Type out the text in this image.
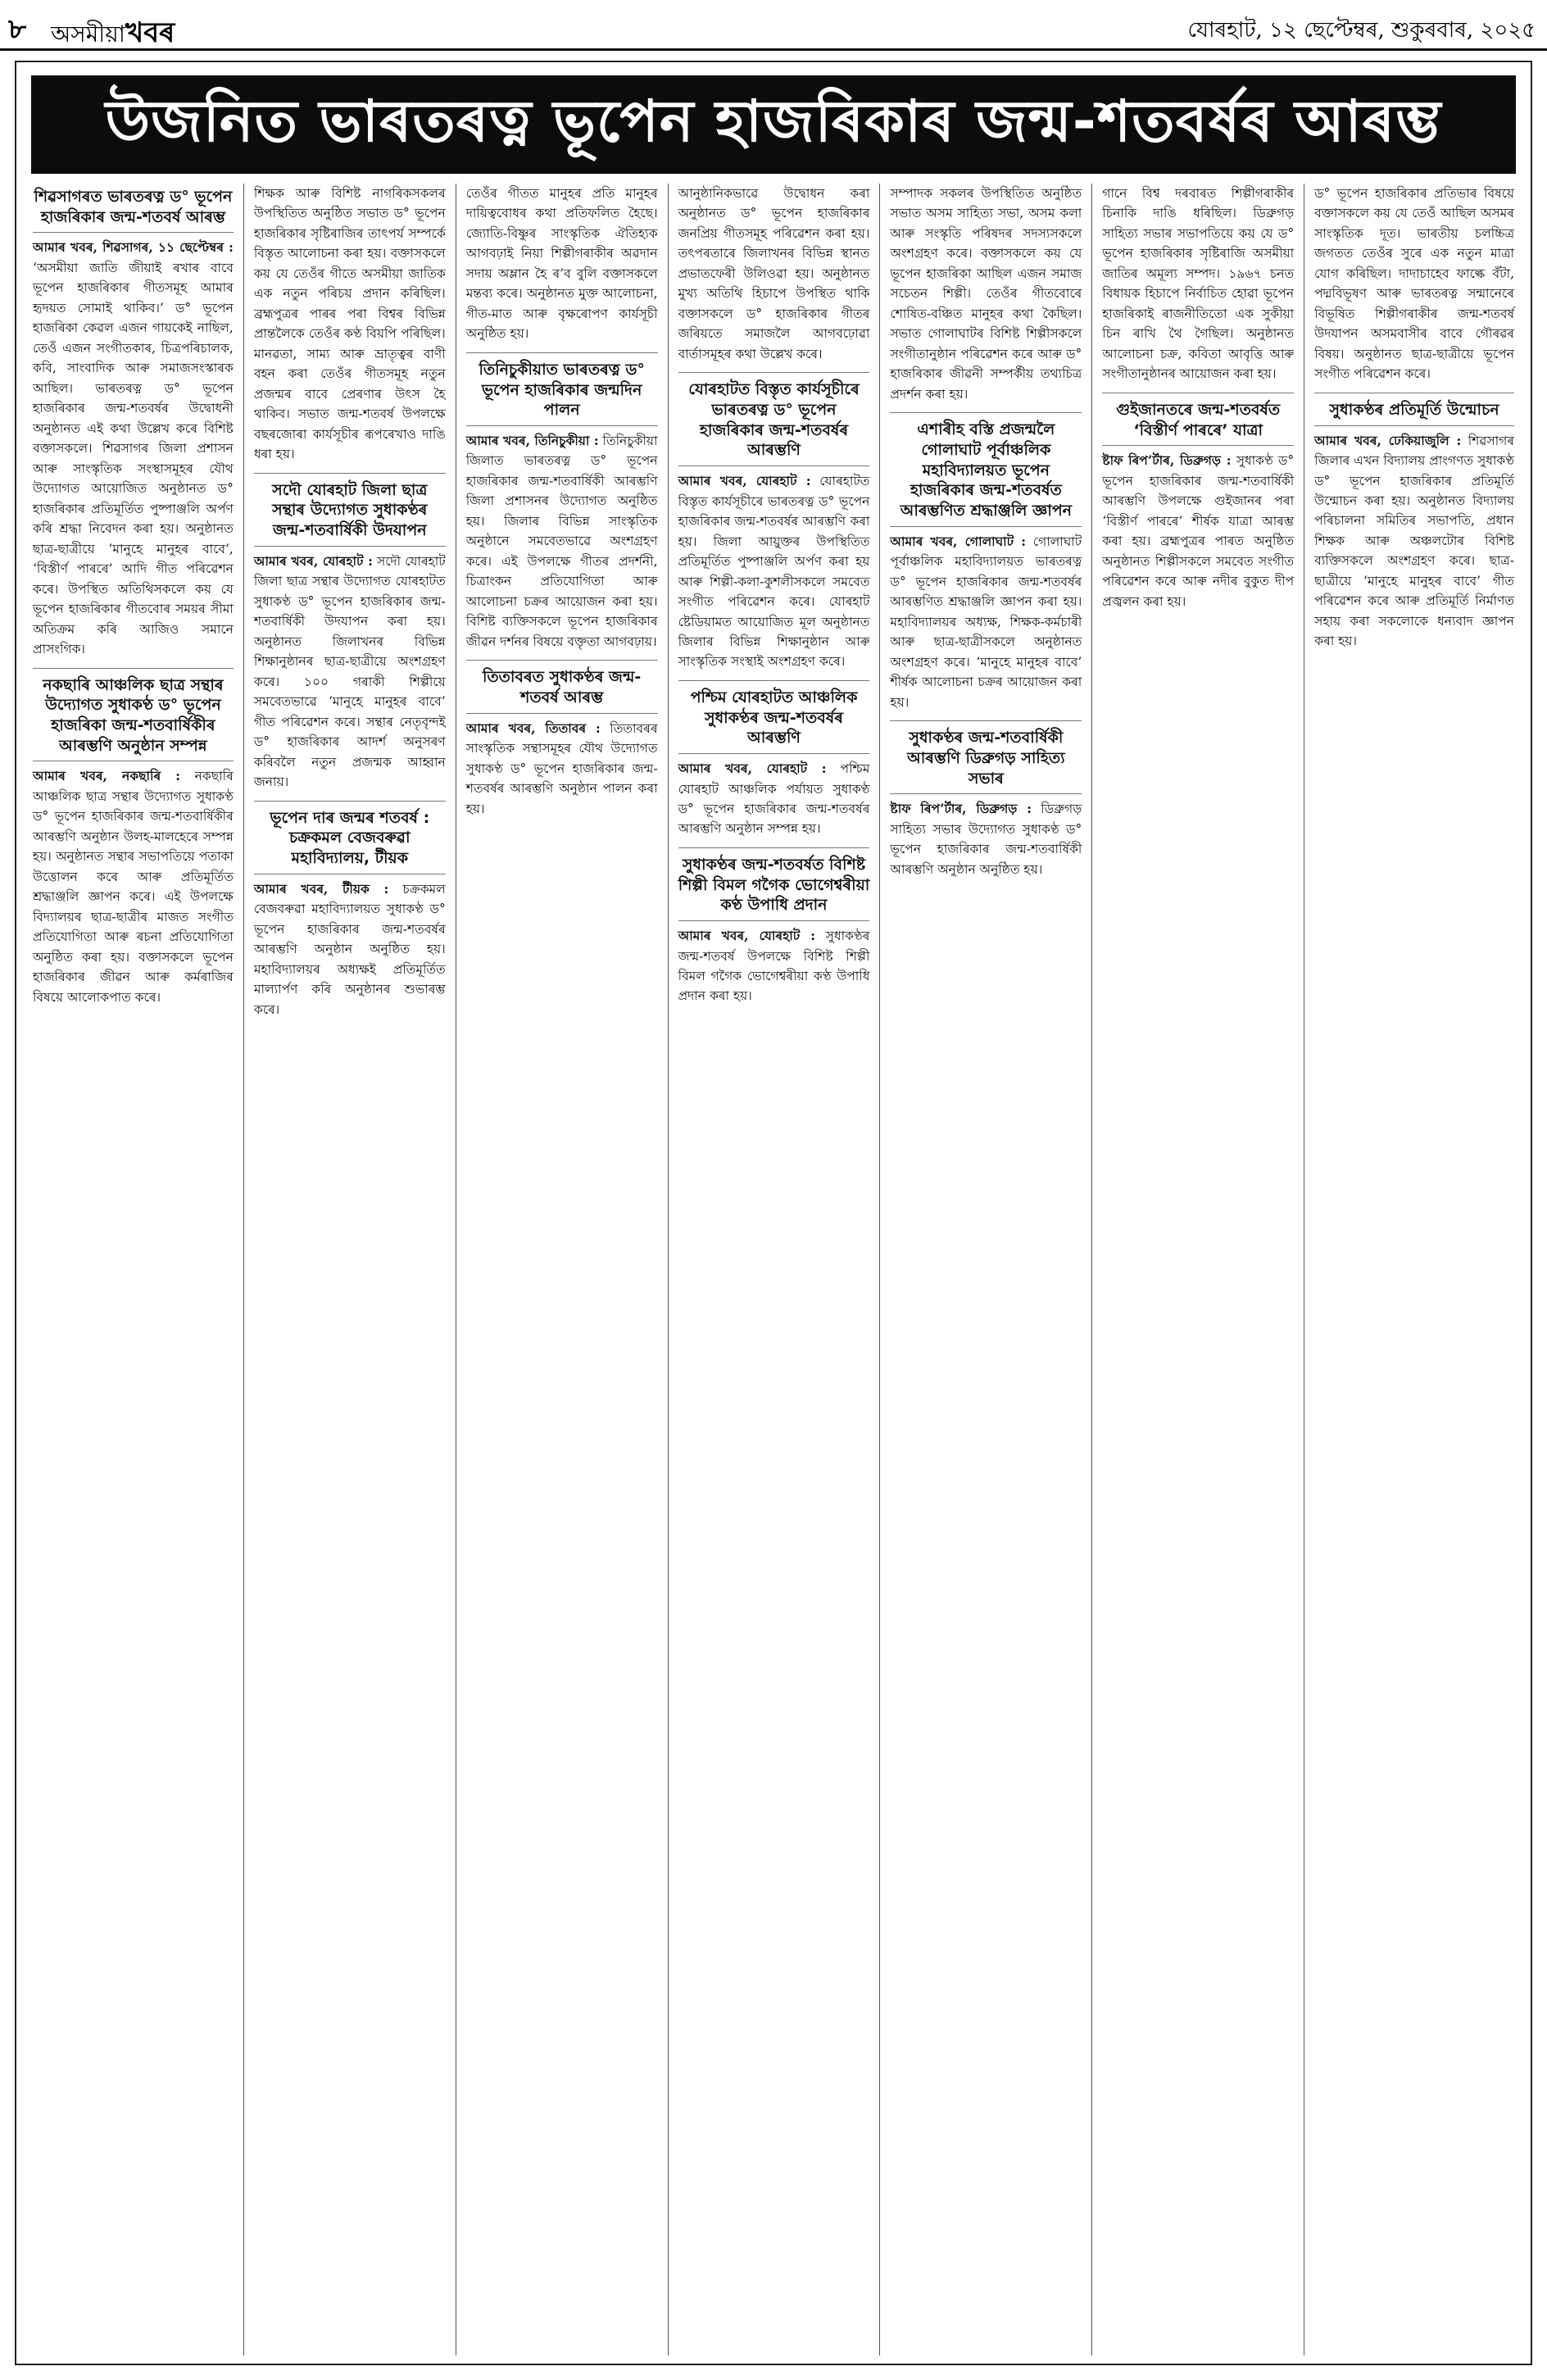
৮ অসমীয়াখবৰ	যোৰহাট, ১২ ছেপ্টেম্বৰ, শুকুৰবাৰ, ২০২৫
উজনিত ভাৰতৰত্ন ভূপেন হাজৰিকাৰ জন্ম-শতবৰ্ষৰ আৰম্ভ
শিৱসাগৰত ভাৰতৰত্ন ড° ভূপেন হাজৰিকাৰ জন্ম-শতবৰ্ষ আৰম্ভ

আমাৰ খবৰ, শিৱসাগৰ, ১১ ছেপ্টেম্বৰ : ‘অসমীয়া জাতি জীয়াই ৰখাৰ বাবে ভূপেন হাজৰিকাৰ গীতসমূহ আমাৰ হৃদয়ত সোমাই থাকিব।’ ড° ভূপেন হাজৰিকা কেৱল এজন গায়কেই নাছিল, তেওঁ এজন সংগীতকাৰ, চিত্ৰপৰিচালক, কবি, সাংবাদিক আৰু সমাজসংস্কাৰক আছিল। ভাৰতৰত্ন ড° ভূপেন হাজৰিকাৰ জন্ম-শতবৰ্ষৰ উদ্বোধনী অনুষ্ঠানত এই কথা উল্লেখ কৰে বিশিষ্ট বক্তাসকলে। শিৱসাগৰ জিলা প্ৰশাসন আৰু সাংস্কৃতিক সংস্থাসমূহৰ যৌথ উদ্যোগত আয়োজিত অনুষ্ঠানত ড° হাজৰিকাৰ প্ৰতিমূৰ্তিত পুষ্পাঞ্জলি অৰ্পণ কৰি শ্ৰদ্ধা নিবেদন কৰা হয়। অনুষ্ঠানত ছাত্ৰ-ছাত্ৰীয়ে ‘মানুহে মানুহৰ বাবে’, ‘বিস্তীৰ্ণ পাৰৰে’ আদি গীত পৰিৱেশন কৰে। উপস্থিত অতিথিসকলে কয় যে ভূপেন হাজৰিকাৰ গীতবোৰ সময়ৰ সীমা অতিক্ৰম কৰি আজিও সমানে প্ৰাসংগিক।

নকছাৰি আঞ্চলিক ছাত্ৰ সন্থাৰ উদ্যোগত সুধাকণ্ঠ ড° ভূপেন হাজৰিকা জন্ম-শতবাৰ্ষিকীৰ আৰম্ভণি অনুষ্ঠান সম্পন্ন

আমাৰ খবৰ, নকছাৰি : নকছাৰি আঞ্চলিক ছাত্ৰ সন্থাৰ উদ্যোগত সুধাকণ্ঠ ড° ভূপেন হাজৰিকাৰ জন্ম-শতবাৰ্ষিকীৰ আৰম্ভণি অনুষ্ঠান উলহ-মালহেৰে সম্পন্ন হয়। অনুষ্ঠানত সন্থাৰ সভাপতিয়ে পতাকা উত্তোলন কৰে আৰু প্ৰতিমূৰ্তিত শ্ৰদ্ধাঞ্জলি জ্ঞাপন কৰে। এই উপলক্ষে বিদ্যালয়ৰ ছাত্ৰ-ছাত্ৰীৰ মাজত সংগীত প্ৰতিযোগিতা আৰু ৰচনা প্ৰতিযোগিতা অনুষ্ঠিত কৰা হয়। বক্তাসকলে ভূপেন হাজৰিকাৰ জীৱন আৰু কৰ্মৰাজিৰ বিষয়ে আলোকপাত কৰে।

শিক্ষক আৰু বিশিষ্ট নাগৰিকসকলৰ উপস্থিতিত অনুষ্ঠিত সভাত ড° ভূপেন হাজৰিকাৰ সৃষ্টিৰাজিৰ তাৎপৰ্য সম্পৰ্কে বিস্তৃত আলোচনা কৰা হয়। বক্তাসকলে কয় যে তেওঁৰ গীতে অসমীয়া জাতিক এক নতুন পৰিচয় প্ৰদান কৰিছিল। ব্ৰহ্মপুত্ৰৰ পাৰৰ পৰা বিশ্বৰ বিভিন্ন প্ৰান্তলৈকে তেওঁৰ কণ্ঠ বিয়পি পৰিছিল। মানৱতা, সাম্য আৰু ভ্ৰাতৃত্বৰ বাণী বহন কৰা তেওঁৰ গীতসমূহ নতুন প্ৰজন্মৰ বাবে প্ৰেৰণাৰ উৎস হৈ থাকিব। সভাত জন্ম-শতবৰ্ষ উপলক্ষে বছৰজোৰা কাৰ্যসূচীৰ ৰূপৰেখাও দাঙি ধৰা হয়।

সদৌ যোৰহাট জিলা ছাত্ৰ সন্থাৰ উদ্যোগত সুধাকণ্ঠৰ জন্ম-শতবাৰ্ষিকী উদযাপন

আমাৰ খবৰ, যোৰহাট : সদৌ যোৰহাট জিলা ছাত্ৰ সন্থাৰ উদ্যোগত যোৰহাটত সুধাকণ্ঠ ড° ভূপেন হাজৰিকাৰ জন্ম-শতবাৰ্ষিকী উদযাপন কৰা হয়। অনুষ্ঠানত জিলাখনৰ বিভিন্ন শিক্ষানুষ্ঠানৰ ছাত্ৰ-ছাত্ৰীয়ে অংশগ্ৰহণ কৰে। ১০০ গৰাকী শিল্পীয়ে সমবেতভাৱে ‘মানুহে মানুহৰ বাবে’ গীত পৰিৱেশন কৰে। সন্থাৰ নেতৃবৃন্দই ড° হাজৰিকাৰ আদৰ্শ অনুসৰণ কৰিবলৈ নতুন প্ৰজন্মক আহ্বান জনায়।

ভূপেন দাৰ জন্মৰ শতবৰ্ষ : চক্ৰকমল বেজবৰুৱা মহাবিদ্যালয়, টীয়ক

আমাৰ খবৰ, টীয়ক : চক্ৰকমল বেজবৰুৱা মহাবিদ্যালয়ত সুধাকণ্ঠ ড° ভূপেন হাজৰিকাৰ জন্ম-শতবৰ্ষৰ আৰম্ভণি অনুষ্ঠান অনুষ্ঠিত হয়। মহাবিদ্যালয়ৰ অধ্যক্ষই প্ৰতিমূৰ্তিত মাল্যাৰ্পণ কৰি অনুষ্ঠানৰ শুভাৰম্ভ কৰে।

তেওঁৰ গীতত মানুহৰ প্ৰতি মানুহৰ দায়িত্ববোধৰ কথা প্ৰতিফলিত হৈছে। জ্যোতি-বিষ্ণুৰ সাংস্কৃতিক ঐতিহ্যক আগবঢ়াই নিয়া শিল্পীগৰাকীৰ অৱদান সদায় অম্লান হৈ ৰ’ব বুলি বক্তাসকলে মন্তব্য কৰে। অনুষ্ঠানত মুক্ত আলোচনা, গীত-মাত আৰু বৃক্ষৰোপণ কাৰ্যসূচী অনুষ্ঠিত হয়।

তিনিচুকীয়াত ভাৰতৰত্ন ড° ভূপেন হাজৰিকাৰ জন্মদিন পালন

আমাৰ খবৰ, তিনিচুকীয়া : তিনিচুকীয়া জিলাত ভাৰতৰত্ন ড° ভূপেন হাজৰিকাৰ জন্ম-শতবাৰ্ষিকী আৰম্ভণি জিলা প্ৰশাসনৰ উদ্যোগত অনুষ্ঠিত হয়। জিলাৰ বিভিন্ন সাংস্কৃতিক অনুষ্ঠানে সমবেতভাৱে অংশগ্ৰহণ কৰে। এই উপলক্ষে গীতৰ প্ৰদৰ্শনী, চিত্ৰাংকন প্ৰতিযোগিতা আৰু আলোচনা চক্ৰৰ আয়োজন কৰা হয়। বিশিষ্ট ব্যক্তিসকলে ভূপেন হাজৰিকাৰ জীৱন দৰ্শনৰ বিষয়ে বক্তৃতা আগবঢ়ায়।

তিতাবৰত সুধাকণ্ঠৰ জন্ম-শতবৰ্ষ আৰম্ভ

আমাৰ খবৰ, তিতাবৰ : তিতাবৰৰ সাংস্কৃতিক সন্থাসমূহৰ যৌথ উদ্যোগত সুধাকণ্ঠ ড° ভূপেন হাজৰিকাৰ জন্ম-শতবৰ্ষৰ আৰম্ভণি অনুষ্ঠান পালন কৰা হয়।

আনুষ্ঠানিকভাৱে উদ্বোধন কৰা অনুষ্ঠানত ড° ভূপেন হাজৰিকাৰ জনপ্ৰিয় গীতসমূহ পৰিৱেশন কৰা হয়। তৎপৰতাৰে জিলাখনৰ বিভিন্ন স্থানত প্ৰভাতফেৰী উলিওৱা হয়। অনুষ্ঠানত মুখ্য অতিথি হিচাপে উপস্থিত থাকি বক্তাসকলে ড° হাজৰিকাৰ গীতৰ জৰিয়তে সমাজলৈ আগবঢ়োৱা বাৰ্তাসমূহৰ কথা উল্লেখ কৰে।

যোৰহাটত বিস্তৃত কাৰ্যসূচীৰে ভাৰতৰত্ন ড° ভূপেন হাজৰিকাৰ জন্ম-শতবৰ্ষৰ আৰম্ভণি

আমাৰ খবৰ, যোৰহাট : যোৰহাটত বিস্তৃত কাৰ্যসূচীৰে ভাৰতৰত্ন ড° ভূপেন হাজৰিকাৰ জন্ম-শতবৰ্ষৰ আৰম্ভণি কৰা হয়। জিলা আয়ুক্তৰ উপস্থিতিত প্ৰতিমূৰ্তিত পুষ্পাঞ্জলি অৰ্পণ কৰা হয় আৰু শিল্পী-কলা-কুশলীসকলে সমবেত সংগীত পৰিৱেশন কৰে। যোৰহাট ষ্টেডিয়ামত আয়োজিত মূল অনুষ্ঠানত জিলাৰ বিভিন্ন শিক্ষানুষ্ঠান আৰু সাংস্কৃতিক সংস্থাই অংশগ্ৰহণ কৰে।

পশ্চিম যোৰহাটত আঞ্চলিক সুধাকণ্ঠৰ জন্ম-শতবৰ্ষৰ আৰম্ভণি

আমাৰ খবৰ, যোৰহাট : পশ্চিম যোৰহাট আঞ্চলিক পৰ্যায়ত সুধাকণ্ঠ ড° ভূপেন হাজৰিকাৰ জন্ম-শতবৰ্ষৰ আৰম্ভণি অনুষ্ঠান সম্পন্ন হয়।

সুধাকণ্ঠৰ জন্ম-শতবৰ্ষত বিশিষ্ট শিল্পী বিমল গগৈক ভোগেশ্বৰীয়া কণ্ঠ উপাধি প্ৰদান

আমাৰ খবৰ, যোৰহাট : সুধাকণ্ঠৰ জন্ম-শতবৰ্ষ উপলক্ষে বিশিষ্ট শিল্পী বিমল গগৈক ভোগেশ্বৰীয়া কণ্ঠ উপাধি প্ৰদান কৰা হয়।

সম্পাদক সকলৰ উপস্থিতিত অনুষ্ঠিত সভাত অসম সাহিত্য সভা, অসম কলা আৰু সংস্কৃতি পৰিষদৰ সদস্যসকলে অংশগ্ৰহণ কৰে। বক্তাসকলে কয় যে ভূপেন হাজৰিকা আছিল এজন সমাজ সচেতন শিল্পী। তেওঁৰ গীতবোৰে শোষিত-বঞ্চিত মানুহৰ কথা কৈছিল। সভাত গোলাঘাটৰ বিশিষ্ট শিল্পীসকলে সংগীতানুষ্ঠান পৰিৱেশন কৰে আৰু ড° হাজৰিকাৰ জীৱনী সম্পৰ্কীয় তথ্যচিত্ৰ প্ৰদৰ্শন কৰা হয়।

এশাৰীহ বস্তি প্ৰজন্মলৈ গোলাঘাট পূৰ্বাঞ্চলিক মহাবিদ্যালয়ত ভূপেন হাজৰিকাৰ জন্ম-শতবৰ্ষত আৰম্ভণিত শ্ৰদ্ধাঞ্জলি জ্ঞাপন

আমাৰ খবৰ, গোলাঘাট : গোলাঘাট পূৰ্বাঞ্চলিক মহাবিদ্যালয়ত ভাৰতৰত্ন ড° ভূপেন হাজৰিকাৰ জন্ম-শতবৰ্ষৰ আৰম্ভণিত শ্ৰদ্ধাঞ্জলি জ্ঞাপন কৰা হয়। মহাবিদ্যালয়ৰ অধ্যক্ষ, শিক্ষক-কৰ্মচাৰী আৰু ছাত্ৰ-ছাত্ৰীসকলে অনুষ্ঠানত অংশগ্ৰহণ কৰে। ‘মানুহে মানুহৰ বাবে’ শীৰ্ষক আলোচনা চক্ৰৰ আয়োজন কৰা হয়।

সুধাকণ্ঠৰ জন্ম-শতবাৰ্ষিকী আৰম্ভণি ডিব্ৰুগড় সাহিত্য সভাৰ

ষ্টাফ ৰিপ’ৰ্টাৰ, ডিব্ৰুগড় : ডিব্ৰুগড় সাহিত্য সভাৰ উদ্যোগত সুধাকণ্ঠ ড° ভূপেন হাজৰিকাৰ জন্ম-শতবাৰ্ষিকী আৰম্ভণি অনুষ্ঠান অনুষ্ঠিত হয়।

গানে বিশ্ব দৰবাৰত শিল্পীগৰাকীৰ চিনাকি দাঙি ধৰিছিল। ডিব্ৰুগড় সাহিত্য সভাৰ সভাপতিয়ে কয় যে ড° ভূপেন হাজৰিকাৰ সৃষ্টিৰাজি অসমীয়া জাতিৰ অমূল্য সম্পদ। ১৯৬৭ চনত বিধায়ক হিচাপে নিৰ্বাচিত হোৱা ভূপেন হাজৰিকাই ৰাজনীতিতো এক সুকীয়া চিন ৰাখি থৈ গৈছিল। অনুষ্ঠানত আলোচনা চক্ৰ, কবিতা আবৃত্তি আৰু সংগীতানুষ্ঠানৰ আয়োজন কৰা হয়।

গুইজানতৰে জন্ম-শতবৰ্ষত ‘বিস্তীৰ্ণ পাৰৰে’ যাত্ৰা

ষ্টাফ ৰিপ’ৰ্টাৰ, ডিব্ৰুগড় : সুধাকণ্ঠ ড° ভূপেন হাজৰিকাৰ জন্ম-শতবাৰ্ষিকী আৰম্ভণি উপলক্ষে গুইজানৰ পৰা ‘বিস্তীৰ্ণ পাৰৰে’ শীৰ্ষক যাত্ৰা আৰম্ভ কৰা হয়। ব্ৰহ্মপুত্ৰৰ পাৰত অনুষ্ঠিত অনুষ্ঠানত শিল্পীসকলে সমবেত সংগীত পৰিৱেশন কৰে আৰু নদীৰ বুকুত দীপ প্ৰজ্বলন কৰা হয়।

ড° ভূপেন হাজৰিকাৰ প্ৰতিভাৰ বিষয়ে বক্তাসকলে কয় যে তেওঁ আছিল অসমৰ সাংস্কৃতিক দূত। ভাৰতীয় চলচ্চিত্ৰ জগতত তেওঁৰ সুৰে এক নতুন মাত্ৰা যোগ কৰিছিল। দাদাচাহেব ফাল্কে বঁটা, পদ্মবিভূষণ আৰু ভাৰতৰত্ন সন্মানেৰে বিভূষিত শিল্পীগৰাকীৰ জন্ম-শতবৰ্ষ উদযাপন অসমবাসীৰ বাবে গৌৰৱৰ বিষয়। অনুষ্ঠানত ছাত্ৰ-ছাত্ৰীয়ে ভূপেন সংগীত পৰিৱেশন কৰে।

সুধাকণ্ঠৰ প্ৰতিমূৰ্তি উন্মোচন

আমাৰ খবৰ, ঢেকিয়াজুলি : শিৱসাগৰ জিলাৰ এখন বিদ্যালয় প্ৰাংগণত সুধাকণ্ঠ ড° ভূপেন হাজৰিকাৰ প্ৰতিমূৰ্তি উন্মোচন কৰা হয়। অনুষ্ঠানত বিদ্যালয় পৰিচালনা সমিতিৰ সভাপতি, প্ৰধান শিক্ষক আৰু অঞ্চলটোৰ বিশিষ্ট ব্যক্তিসকলে অংশগ্ৰহণ কৰে। ছাত্ৰ-ছাত্ৰীয়ে ‘মানুহে মানুহৰ বাবে’ গীত পৰিৱেশন কৰে আৰু প্ৰতিমূৰ্তি নিৰ্মাণত সহায় কৰা সকলোকে ধন্যবাদ জ্ঞাপন কৰা হয়।
